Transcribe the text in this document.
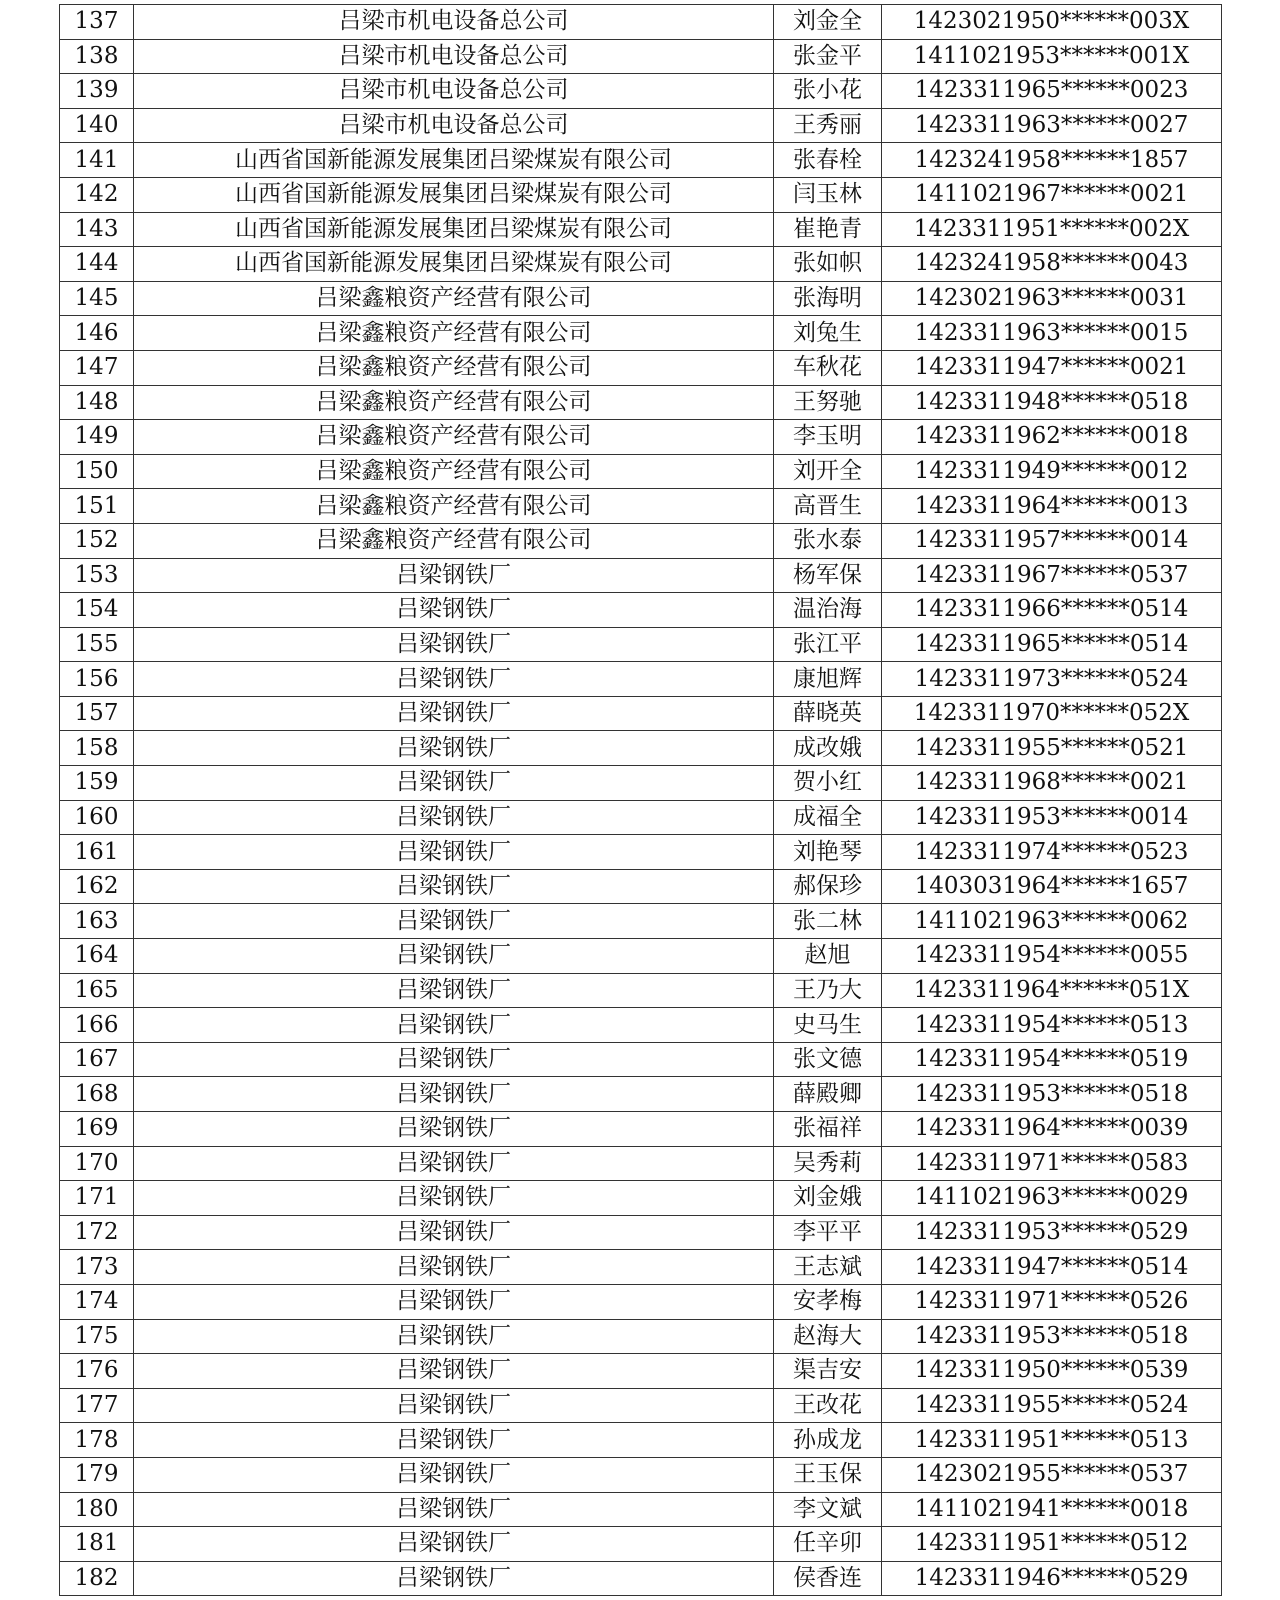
137	吕梁市机电设备总公司	刘金全	1423021950******003X
138	吕梁市机电设备总公司	张金平	1411021953******001X
139	吕梁市机电设备总公司	张小花	1423311965******0023
140	吕梁市机电设备总公司	王秀丽	1423311963******0027
141	山西省国新能源发展集团吕梁煤炭有限公司	张春栓	1423241958******1857
142	山西省国新能源发展集团吕梁煤炭有限公司	闫玉林	1411021967******0021
143	山西省国新能源发展集团吕梁煤炭有限公司	崔艳青	1423311951******002X
144	山西省国新能源发展集团吕梁煤炭有限公司	张如帜	1423241958******0043
145	吕梁鑫粮资产经营有限公司	张海明	1423021963******0031
146	吕梁鑫粮资产经营有限公司	刘兔生	1423311963******0015
147	吕梁鑫粮资产经营有限公司	车秋花	1423311947******0021
148	吕梁鑫粮资产经营有限公司	王努驰	1423311948******0518
149	吕梁鑫粮资产经营有限公司	李玉明	1423311962******0018
150	吕梁鑫粮资产经营有限公司	刘开全	1423311949******0012
151	吕梁鑫粮资产经营有限公司	高晋生	1423311964******0013
152	吕梁鑫粮资产经营有限公司	张水泰	1423311957******0014
153	吕梁钢铁厂	杨军保	1423311967******0537
154	吕梁钢铁厂	温治海	1423311966******0514
155	吕梁钢铁厂	张江平	1423311965******0514
156	吕梁钢铁厂	康旭辉	1423311973******0524
157	吕梁钢铁厂	薛晓英	1423311970******052X
158	吕梁钢铁厂	成改娥	1423311955******0521
159	吕梁钢铁厂	贺小红	1423311968******0021
160	吕梁钢铁厂	成福全	1423311953******0014
161	吕梁钢铁厂	刘艳琴	1423311974******0523
162	吕梁钢铁厂	郝保珍	1403031964******1657
163	吕梁钢铁厂	张二林	1411021963******0062
164	吕梁钢铁厂	赵旭	1423311954******0055
165	吕梁钢铁厂	王乃大	1423311964******051X
166	吕梁钢铁厂	史马生	1423311954******0513
167	吕梁钢铁厂	张文德	1423311954******0519
168	吕梁钢铁厂	薛殿卿	1423311953******0518
169	吕梁钢铁厂	张福祥	1423311964******0039
170	吕梁钢铁厂	吴秀莉	1423311971******0583
171	吕梁钢铁厂	刘金娥	1411021963******0029
172	吕梁钢铁厂	李平平	1423311953******0529
173	吕梁钢铁厂	王志斌	1423311947******0514
174	吕梁钢铁厂	安孝梅	1423311971******0526
175	吕梁钢铁厂	赵海大	1423311953******0518
176	吕梁钢铁厂	渠吉安	1423311950******0539
177	吕梁钢铁厂	王改花	1423311955******0524
178	吕梁钢铁厂	孙成龙	1423311951******0513
179	吕梁钢铁厂	王玉保	1423021955******0537
180	吕梁钢铁厂	李文斌	1411021941******0018
181	吕梁钢铁厂	任辛卯	1423311951******0512
182	吕梁钢铁厂	侯香连	1423311946******0529
